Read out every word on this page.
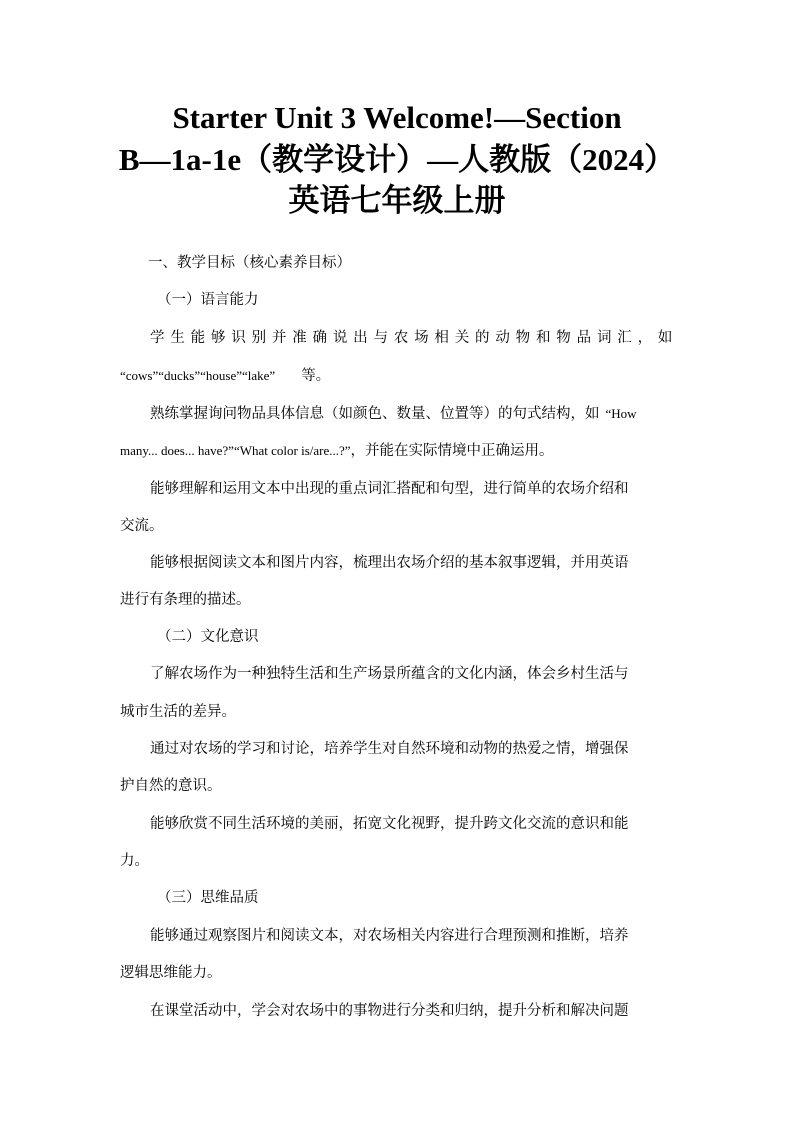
Starter Unit 3 Welcome!—Section
B—1a-1e（教学设计）—人教版（2024）
英语七年级上册

一、教学目标（核心素养目标）

（一）语言能力

学生能够识别并准确说出与农场相关的动物和物品词汇，如

“cows”“ducks”“house”“lake” 等。

熟练掌握询问物品具体信息（如颜色、数量、位置等）的句式结构，如 “How

many... does... have?”“What color is/are...?”，并能在实际情境中正确运用。

能够理解和运用文本中出现的重点词汇搭配和句型，进行简单的农场介绍和

交流。

能够根据阅读文本和图片内容，梳理出农场介绍的基本叙事逻辑，并用英语

进行有条理的描述。

（二）文化意识

了解农场作为一种独特生活和生产场景所蕴含的文化内涵，体会乡村生活与

城市生活的差异。

通过对农场的学习和讨论，培养学生对自然环境和动物的热爱之情，增强保

护自然的意识。

能够欣赏不同生活环境的美丽，拓宽文化视野，提升跨文化交流的意识和能

力。

（三）思维品质

能够通过观察图片和阅读文本，对农场相关内容进行合理预测和推断，培养

逻辑思维能力。

在课堂活动中，学会对农场中的事物进行分类和归纳，提升分析和解决问题
